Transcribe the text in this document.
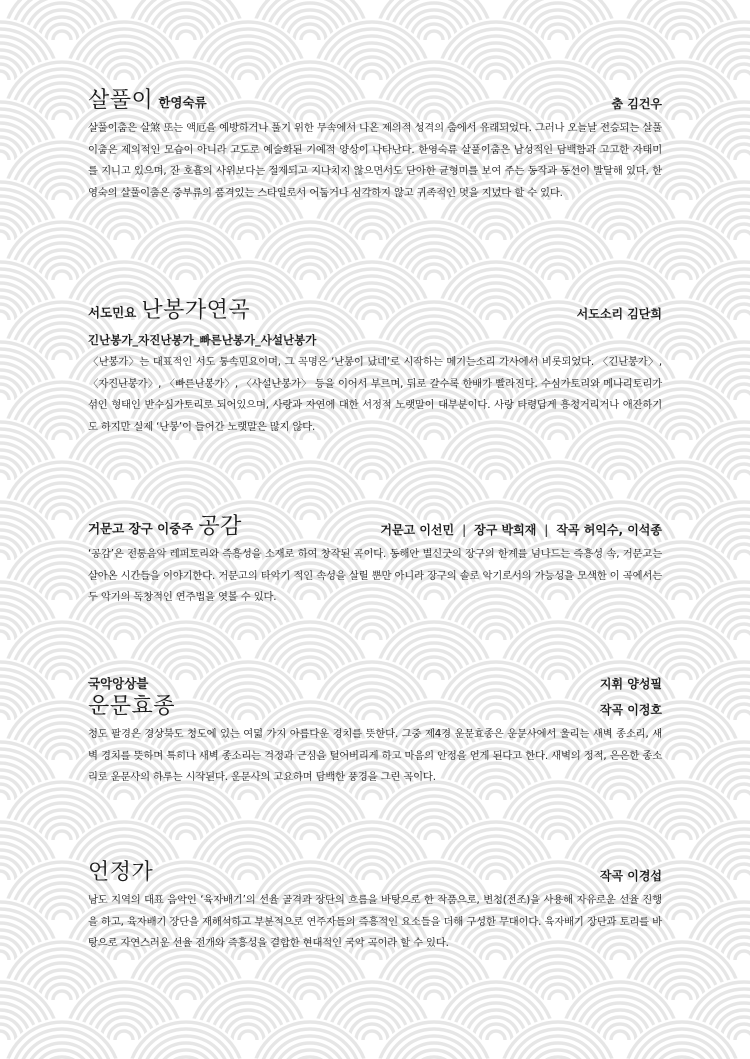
살풀이 한영숙류	춤 김건우

살풀이춤은 살煞 또는 액厄을 예방하거나 풀기 위한 무속에서 나온 제의적 성격의 춤에서 유래되었다. 그러나 오늘날 전승되는 살풀이춤은 제의적인 모습이 아니라 고도로 예술화된 기예적 양상이 나타난다. 한영숙류 살풀이춤은 남성적인 담백함과 고고한 자태미를 지니고 있으며, 잔 호흡의 사위보다는 절제되고 지나치지 않으면서도 단아한 균형미를 보여 주는 동작과 동선이 발달해 있다. 한영숙의 살풀이춤은 중부류의 품격있는 스타일로서 어둡거나 심각하지 않고 귀족적인 멋을 지녔다 할 수 있다.

서도민요 난봉가연곡	서도소리 김단희
긴난봉가_자진난봉가_빠른난봉가_사설난봉가

〈난봉가〉는 대표적인 서도 통속민요이며, 그 곡명은 ‘난봉이 났네’로 시작하는 메기는소리 가사에서 비롯되었다. 〈긴난봉가〉, 〈자진난봉가〉, 〈빠른난봉가〉, 〈사설난봉가〉 등을 이어서 부르며, 뒤로 갈수록 한배가 빨라진다. 수심가토리와 메나리토리가 섞인 형태인 반수심가토리로 되어있으며, 사랑과 자연에 대한 서정적 노랫말이 대부분이다. 사랑 타령답게 흥청거리거나 애잔하기도 하지만 실제 ‘난봉’이 들어간 노랫말은 많지 않다.

거문고 장구 이중주 공감	거문고 이선민 | 장구 박희재 | 작곡 허익수, 이석종

‘공감’은 전통음악 레퍼토리와 즉흥성을 소재로 하여 창작된 곡이다. 동해안 별신굿의 장구의 한계를 넘나드는 즉흥성 속, 거문고는 살아온 시간들을 이야기한다. 거문고의 타악기 적인 속성을 살릴 뿐만 아니라 장구의 솔로 악기로서의 가능성을 모색한 이 곡에서는 두 악기의 독창적인 연주법을 엿볼 수 있다.

국악앙상블	지휘 양성필
운문효종	작곡 이정호

청도 팔경은 경상북도 청도에 있는 여덟 가지 아름다운 경치를 뜻한다. 그중 제4경 운문효종은 운문사에서 울리는 새벽 종소리, 새벽 경치를 뜻하며 특히나 새벽 종소리는 걱정과 근심을 털어버리게 하고 마음의 안정을 얻게 된다고 한다. 새벽의 정적, 은은한 종소리로 운문사의 하루는 시작된다. 운문사의 고요하며 담백한 풍경을 그린 곡이다.

언정가	작곡 이경섭

남도 지역의 대표 음악인 ‘육자배기’의 선율 골격과 장단의 흐름을 바탕으로 한 작품으로, 변청(전조)을 사용해 자유로운 선율 진행을 하고, 육자배기 장단을 재해석하고 부분적으로 연주자들의 즉흥적인 요소들을 더해 구성한 무대이다. 육자배기 장단과 토리를 바탕으로 자연스러운 선율 전개와 즉흥성을 결합한 현대적인 국악 곡이라 할 수 있다.
